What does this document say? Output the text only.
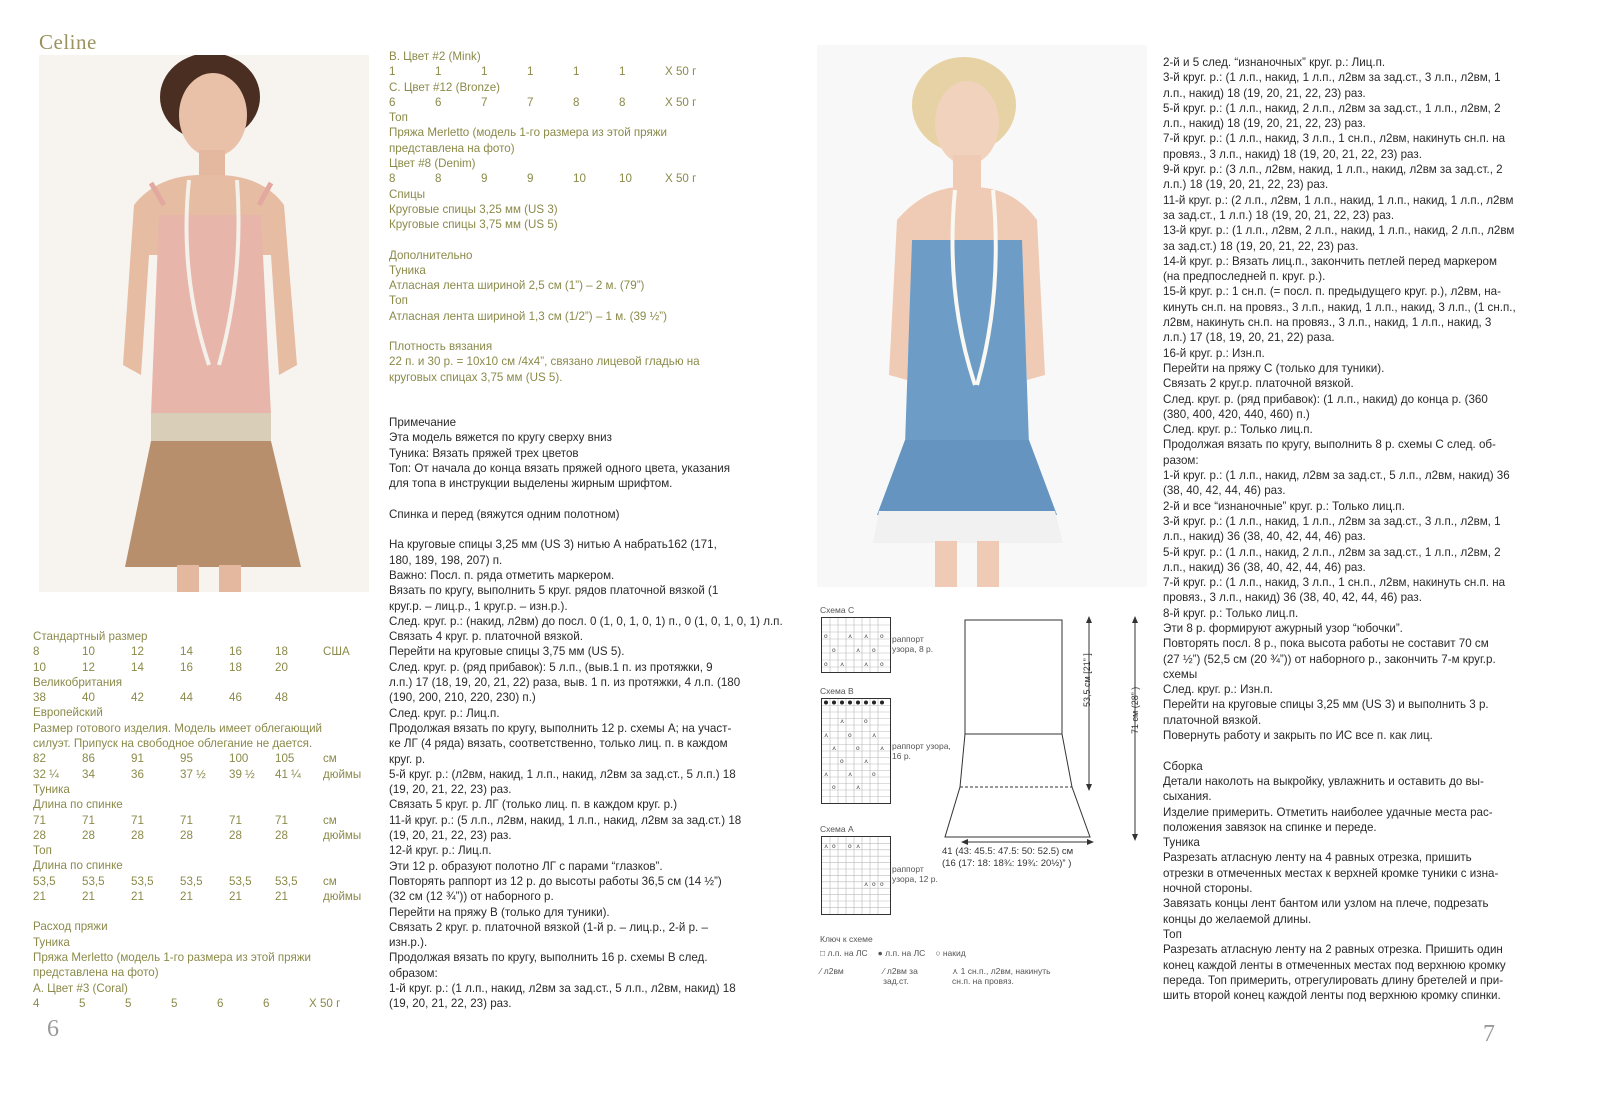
Celine
Стандартный размер
8	10	12	14	16	18	США
10	12	14	16	18	20
Великобритания
38	40	42	44	46	48
Европейский
Размер готового изделия. Модель имеет облегающий силуэт. Припуск на свободное облегание не дается.
82	86	91	95	100	105	см
32 ¼	34	36	37 ½	39 ½	41 ¼	дюймы
Туника
Длина по спинке
71	71	71	71	71	71	см
28	28	28	28	28	28	дюймы
Топ
Длина по спинке
53,5	53,5	53,5	53,5	53,5	53,5	см
21	21	21	21	21	21	дюймы
Расход пряжи
Туника
Пряжа Merletto (модель 1-го размера из этой пряжи представлена на фото)
А. Цвет #3 (Coral)
4	5	5	5	6	6	X 50 г
6
B. Цвет #2 (Mink)
1	1	1	1	1	1	X 50 г
C. Цвет #12 (Bronze)
6	6	7	7	8	8	X 50 г
Топ
Пряжа Merletto (модель 1-го размера из этой пряжи представлена на фото)
Цвет #8 (Denim)
8	8	9	9	10	10	X 50 г
Спицы
Круговые спицы 3,25 мм (US 3)
Круговые спицы 3,75 мм (US 5)
Дополнительно
Туника
Атласная лента шириной 2,5 см (1”) – 2 м. (79”)
Топ
Атласная лента шириной 1,3 см (1/2”) – 1 м. (39 ½”)
Плотность вязания
22 п. и 30 р. = 10х10 см /4х4”, связано лицевой гладью на
круговых спицах 3,75 мм (US 5).
Примечание
Эта модель вяжется по кругу сверху вниз
Туника: Вязать пряжей трех цветов
Топ: От начала до конца вязать пряжей одного цвета, указания
для топа в инструкции выделены жирным шрифтом.
Спинка и перед (вяжутся одним полотном)
На круговые спицы 3,25 мм (US 3) нитью А набрать162 (171,
180, 189, 198, 207) п.
Важно: Посл. п. ряда отметить маркером.
Вязать по кругу, выполнить 5 круг. рядов платочной вязкой (1
круг.р. – лиц.р., 1 круг.р. – изн.р.).
След. круг. р.: (накид, л2вм) до посл. 0 (1, 0, 1, 0, 1) п., 0 (1, 0, 1, 0, 1) л.п.
Связать 4 круг. р. платочной вязкой.
Перейти на круговые спицы 3,75 мм (US 5).
След. круг. р. (ряд прибавок): 5 л.п., (выв.1 п. из протяжки, 9
л.п.) 17 (18, 19, 20, 21, 22) раза, выв. 1 п. из протяжки, 4 л.п. (180
(190, 200, 210, 220, 230) п.)
След. круг. р.: Лиц.п.
Продолжая вязать по кругу, выполнить 12 р. схемы А; на участ-
ке ЛГ (4 ряда) вязать, соответственно, только лиц. п. в каждом
круг. р.
5-й круг. р.: (л2вм, накид, 1 л.п., накид, л2вм за зад.ст., 5 л.п.) 18
(19, 20, 21, 22, 23) раз.
Связать 5 круг. р. ЛГ (только лиц. п. в каждом круг. р.)
11-й круг. р.: (5 л.п., л2вм, накид, 1 л.п., накид, л2вм за зад.ст.) 18
(19, 20, 21, 22, 23) раз.
12-й круг. р.: Лиц.п.
Эти 12 р. образуют полотно ЛГ с парами “глазков”.
Повторять раппорт из 12 р. до высоты работы 36,5 см (14 ½”)
(32 см (12 ¾”)) от наборного р.
Перейти на пряжу B (только для туники).
Связать 2 круг. р. платочной вязкой (1-й р. – лиц.р., 2-й р. –
изн.р.).
Продолжая вязать по кругу, выполнить 16 р. схемы B след.
образом:
1-й круг. р.: (1 л.п., накид, л2вм за зад.ст., 5 л.п., л2вм, накид) 18
(19, 20, 21, 22, 23) раз.
2-й и 5 след. “изнаночных” круг. р.: Лиц.п.
3-й круг. р.: (1 л.п., накид, 1 л.п., л2вм за зад.ст., 3 л.п., л2вм, 1
л.п., накид) 18 (19, 20, 21, 22, 23) раз.
5-й круг. р.: (1 л.п., накид, 2 л.п., л2вм за зад.ст., 1 л.п., л2вм, 2
л.п., накид) 18 (19, 20, 21, 22, 23) раз.
7-й круг. р.: (1 л.п., накид, 3 л.п., 1 сн.п., л2вм, накинуть сн.п. на
провяз., 3 л.п., накид) 18 (19, 20, 21, 22, 23) раз.
9-й круг. р.: (3 л.п., л2вм, накид, 1 л.п., накид, л2вм за зад.ст., 2
л.п.) 18 (19, 20, 21, 22, 23) раз.
11-й круг. р.: (2 л.п., л2вм, 1 л.п., накид, 1 л.п., накид, 1 л.п., л2вм
за зад.ст., 1 л.п.) 18 (19, 20, 21, 22, 23) раз.
13-й круг. р.: (1 л.п., л2вм, 2 л.п., накид, 1 л.п., накид, 2 л.п., л2вм
за зад.ст.) 18 (19, 20, 21, 22, 23) раз.
14-й круг. р.: Вязать лиц.п., закончить петлей перед маркером
(на предпоследней п. круг. р.).
15-й круг. р.: 1 сн.п. (= посл. п. предыдущего круг. р.), л2вм, на-
кинуть сн.п. на провяз., 3 л.п., накид, 1 л.п., накид, 3 л.п., (1 сн.п.,
л2вм, накинуть сн.п. на провяз., 3 л.п., накид, 1 л.п., накид, 3
л.п.) 17 (18, 19, 20, 21, 22) раза.
16-й круг. р.: Изн.п.
Перейти на пряжу C (только для туники).
Связать 2 круг.р. платочной вязкой.
След. круг. р. (ряд прибавок): (1 л.п., накид) до конца р. (360
(380, 400, 420, 440, 460) п.)
След. круг. р.: Только лиц.п.
Продолжая вязать по кругу, выполнить 8 р. схемы C след. об-
разом:
1-й круг. р.: (1 л.п., накид, л2вм за зад.ст., 5 л.п., л2вм, накид) 36
(38, 40, 42, 44, 46) раз.
2-й и все “изнаночные” круг. р.: Только лиц.п.
3-й круг. р.: (1 л.п., накид, 1 л.п., л2вм за зад.ст., 3 л.п., л2вм, 1
л.п., накид) 36 (38, 40, 42, 44, 46) раз.
5-й круг. р.: (1 л.п., накид, 2 л.п., л2вм за зад.ст., 1 л.п., л2вм, 2
л.п., накид) 36 (38, 40, 42, 44, 46) раз.
7-й круг. р.: (1 л.п., накид, 3 л.п., 1 сн.п., л2вм, накинуть сн.п. на
провяз., 3 л.п., накид) 36 (38, 40, 42, 44, 46) раз.
8-й круг. р.: Только лиц.п.
Эти 8 р. формируют ажурный узор “юбочки”.
Повторять посл. 8 р., пока высота работы не составит 70 см
(27 ½”) (52,5 см (20 ¾”)) от наборного р., закончить 7-м круг.р.
схемы
След. круг. р.: Изн.п.
Перейти на круговые спицы 3,25 мм (US 3) и выполнить 3 р.
платочной вязкой.
Повернуть работу и закрыть по ИС все п. как лиц.
Сборка
Детали наколоть на выкройку, увлажнить и оставить до вы-
сыхания.
Изделие примерить. Отметить наиболее удачные места рас-
положения завязок на спинке и переде.
Туника
Разрезать атласную ленту на 4 равных отрезка, пришить
отрезки в отмеченных местах к верхней кромке туники с изна-
ночной стороны.
Завязать концы лент бантом или узлом на плече, подрезать
концы до желаемой длины.
Топ
Разрезать атласную ленту на 2 равных отрезка. Пришить один
конец каждой ленты в отмеченных местах под верхнюю кромку
переда. Топ примерить, отрегулировать длину бретелей и при-
шить второй конец каждой ленты под верхнюю кромку спинки.
Схема C
o	⋏ ⋏ o
o	⋏ o
o ⋏	⋏ o
раппорт узора, 8 р.
Схема B
⋏	o
⋏	o	⋏
⋏	o	⋏
o	⋏
⋏	⋏	o
o	⋏
раппорт узора, 16 р.
Схема A
⋏ o o ⋏
⋏ o o
раппорт узора, 12 р.
Ключ к схеме
□ л.п. на ЛС ● л.п. на ЛС ○ накид
⁄ л2вм	⁄ л2вм за зад.ст.
⋏ 1 сн.п., л2вм, накинуть сн.п. на провяз.
53,5 см [21” ]
71 см (28” )
41 (43: 45.5: 47.5: 50: 52.5) см
(16 (17: 18: 18¾: 19¾: 20½)” )
7
